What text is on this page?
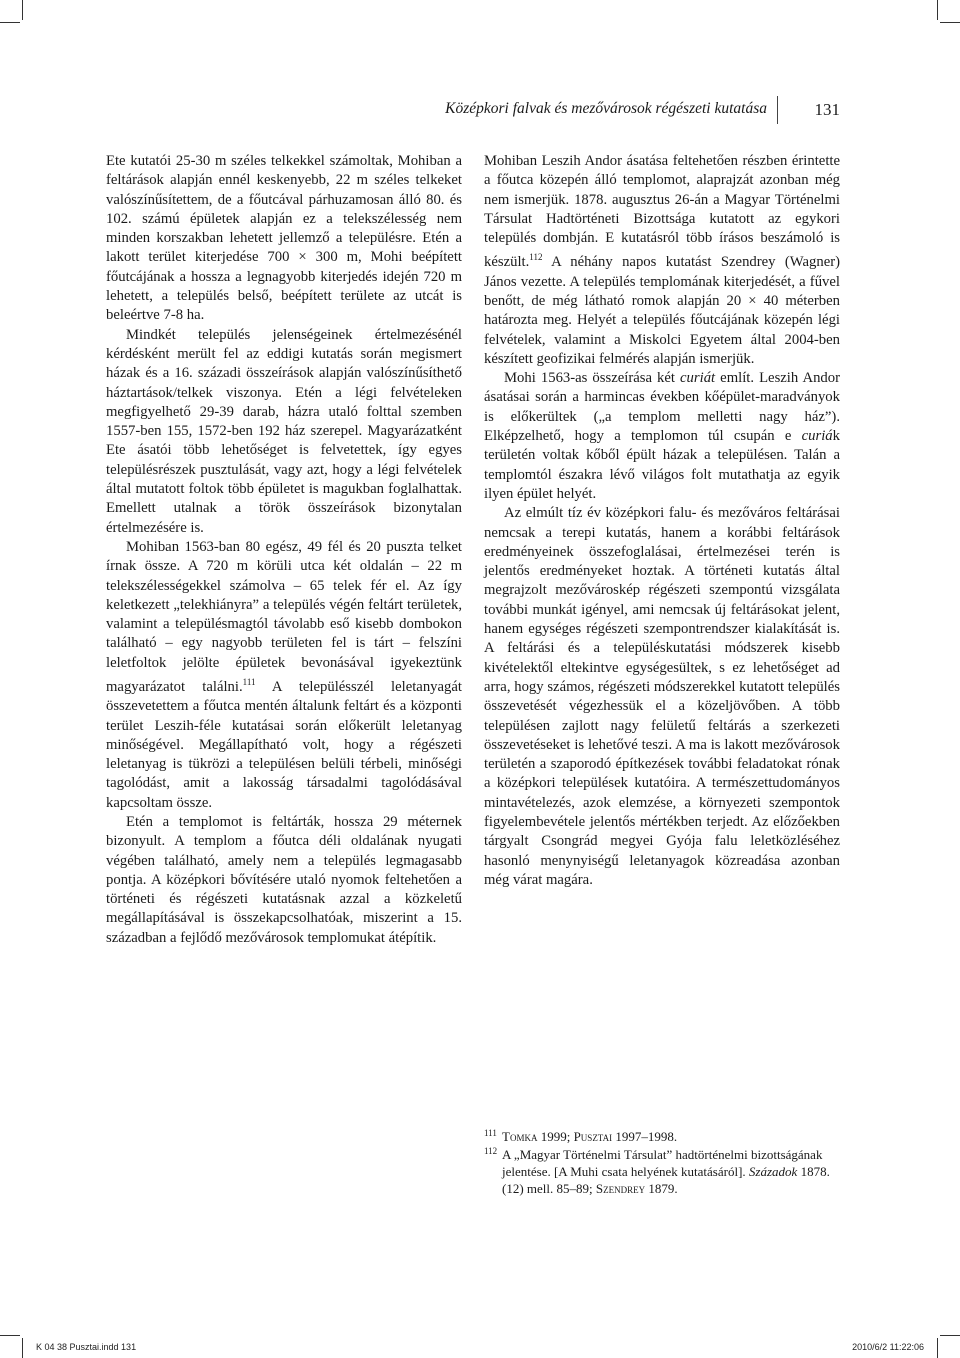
Középkori falvak és mezővárosok régészeti kutatása	131

Ete kutatói 25-30 m széles telkekkel számoltak, Mohiban a feltárások alapján ennél keskenyebb, 22 m széles telkeket valószínűsítettem, de a főutcával párhuzamosan álló 80. és 102. számú épületek alapján ez a telekszélesség nem minden korszakban lehetett jellemző a településre. Etén a lakott terület kiterjedése 700 × 300 m, Mohi beépített főutcájának a hossza a legnagyobb kiterjedés idején 720 m lehetett, a település belső, beépített területe az utcát is beleértve 7-8 ha.

Mindkét település jelenségeinek értelmezésénél kérdésként merült fel az eddigi kutatás során megismert házak és a 16. századi összeírások alapján valószínűsíthető háztartások/telkek viszonya. Etén a légi felvételeken megfigyelhető 29-39 darab, házra utaló folttal szemben 1557-ben 155, 1572-ben 192 ház szerepel. Magyarázatként Ete ásatói több lehetőséget is felvetettek, így egyes településrészek pusztulását, vagy azt, hogy a légi felvételek által mutatott foltok több épületet is magukban foglalhattak. Emellett utalnak a török összeírások bizonytalan értelmezésére is.

Mohiban 1563-ban 80 egész, 49 fél és 20 puszta telket írnak össze. A 720 m körüli utca két oldalán – 22 m telekszélességekkel számolva – 65 telek fér el. Az így keletkezett „telekhiányra” a település végén feltárt területek, valamint a településmagtól távolabb eső kisebb dombokon található – egy nagyobb területen fel is tárt – felszíni leletfoltok jelölte épületek bevonásával igyekeztünk magyarázatot találni.$^{111}$ A településszél leletanyagát összevetettem a főutca mentén általunk feltárt és a központi terület Leszih-féle kutatásai során előkerült leletanyag minőségével. Megállapítható volt, hogy a régészeti leletanyag is tükrözi a településen belüli térbeli, minőségi tagolódást, amit a lakosság társadalmi tagolódásával kapcsoltam össze.

Etén a templomot is feltárták, hossza 29 méternek bizonyult. A templom a főutca déli oldalának nyugati végében található, amely nem a település legmagasabb pontja. A középkori bővítésére utaló nyomok feltehetően a történeti és régészeti kutatásnak azzal a közkeletű megállapításával is összekapcsolhatóak, miszerint a 15. században a fejlődő mezővárosok templomukat átépítik.

Mohiban Leszih Andor ásatása feltehetően részben érintette a főutca közepén álló templomot, alaprajzát azonban még nem ismerjük. 1878. augusztus 26-án a Magyar Történelmi Társulat Hadtörténeti Bizottsága kutatott az egykori település dombján. E kutatásról több írásos beszámoló is készült.$^{112}$ A néhány napos kutatást Szendrey (Wagner) János vezette. A település templomának kiterjedését, a fűvel benőtt, de még látható romok alapján 20 × 40 méterben határozta meg. Helyét a település főutcájának közepén légi felvételek, valamint a Miskolci Egyetem által 2004-ben készített geofizikai felmérés alapján ismerjük.

Mohi 1563-as összeírása két curiát említ. Leszih Andor ásatásai során a harmincas években kőépület-maradványok is előkerültek („a templom melletti nagy ház”). Elképzelhető, hogy a templomon túl csupán e curiák területén voltak kőből épült házak a településen. Talán a templomtól északra lévő világos folt mutathatja az egyik ilyen épület helyét.

Az elmúlt tíz év középkori falu- és mezőváros feltárásai nemcsak a terepi kutatás, hanem a korábbi feltárások eredményeinek összefoglalásai, értelmezései terén is jelentős eredményeket hoztak. A történeti kutatás által megrajzolt mezővároskép régészeti szempontú vizsgálata további munkát igényel, ami nemcsak új feltárásokat jelent, hanem egységes régészeti szempontrendszer kialakítását is. A feltárási és a településkutatási módszerek kisebb kivételektől eltekintve egységesültek, s ez lehetőséget ad arra, hogy számos, régészeti módszerekkel kutatott település összevetését végezhessük el a közeljövőben. A több településen zajlott nagy felületű feltárás a szerkezeti összevetéseket is lehetővé teszi. A ma is lakott mezővárosok területén a szaporodó építkezések további feladatokat rónak a középkori települések kutatóira. A természettudományos mintavételezés, azok elemzése, a környezeti szempontok figyelembevétele jelentős mértékben terjedt. Az előzőekben tárgyalt Csongrád megyei Gyója falu leletközléséhez hasonló menynyiségű leletanyagok közreadása azonban még várat magára.

111 Tomka 1999; Pusztai 1997–1998.
112 A „Magyar Történelmi Társulat” hadtörténelmi bizottságának jelentése. [A Muhi csata helyének kutatásáról]. Századok 1878. (12) mell. 85–89; Szendrey 1879.
K 04 38 Pusztai.indd 131	2010/6/2 11:22:06
